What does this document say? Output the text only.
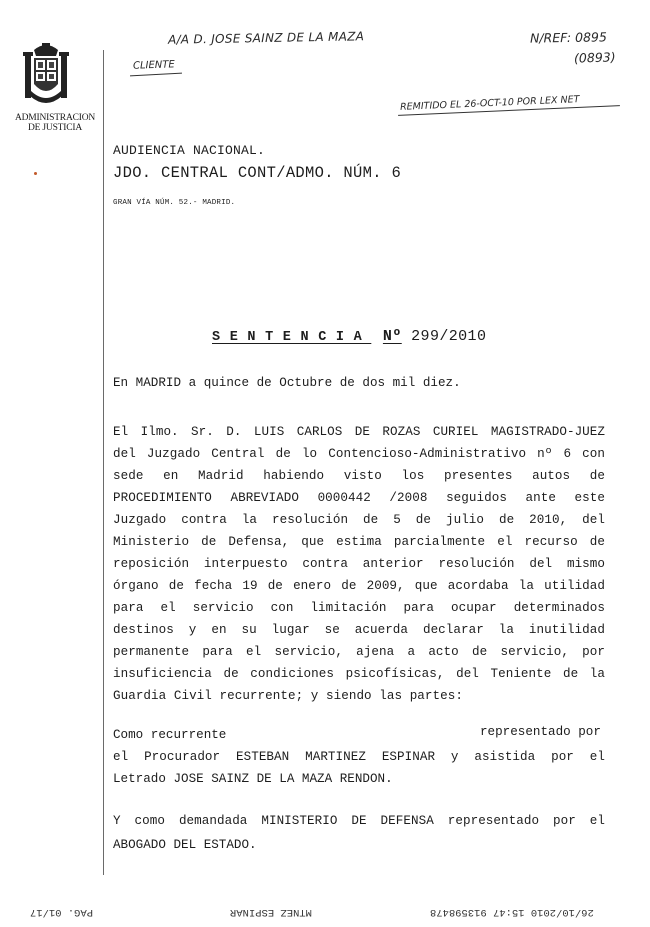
ADMINISTRACION
DE JUSTICIA
A/A D. JOSE SAINZ DE LA MAZA
CLIENTE
N/REF: 0895
(0893)
REMITIDO EL 26-OCT-10 POR LEX NET
AUDIENCIA NACIONAL.
JDO. CENTRAL CONT/ADMO. NÚM. 6
GRAN VÍA NÚM. 52.- MADRID.
SENTENCIA Nº 299/2010
En MADRID a quince de Octubre de dos mil diez.
El Ilmo. Sr. D. LUIS CARLOS DE ROZAS CURIEL MAGISTRADO-JUEZ
del Juzgado Central de lo Contencioso-Administrativo nº 6 con
sede en Madrid habiendo visto los presentes autos de
PROCEDIMIENTO ABREVIADO 0000442 /2008 seguidos ante este
Juzgado contra la resolución de 5 de julio de 2010, del
Ministerio de Defensa, que estima parcialmente el recurso de
reposición interpuesto contra anterior resolución del mismo
órgano de fecha 19 de enero de 2009, que acordaba la utilidad
para el servicio con limitación para ocupar determinados
destinos y en su lugar se acuerda declarar la inutilidad
permanente para el servicio, ajena a acto de servicio, por
insuficiencia de condiciones psicofísicas, del Teniente de la
Guardia Civil recurrente; y siendo las partes:
Como recurrente	representado por
el Procurador ESTEBAN MARTINEZ ESPINAR y asistida por el
Letrado JOSE SAINZ DE LA MAZA RENDON.
Y como demandada MINISTERIO DE DEFENSA representado por el
ABOGADO DEL ESTADO.
PAG. 01/17	MTNEZ ESPINAR	26/10/2010 15:47 913598478
